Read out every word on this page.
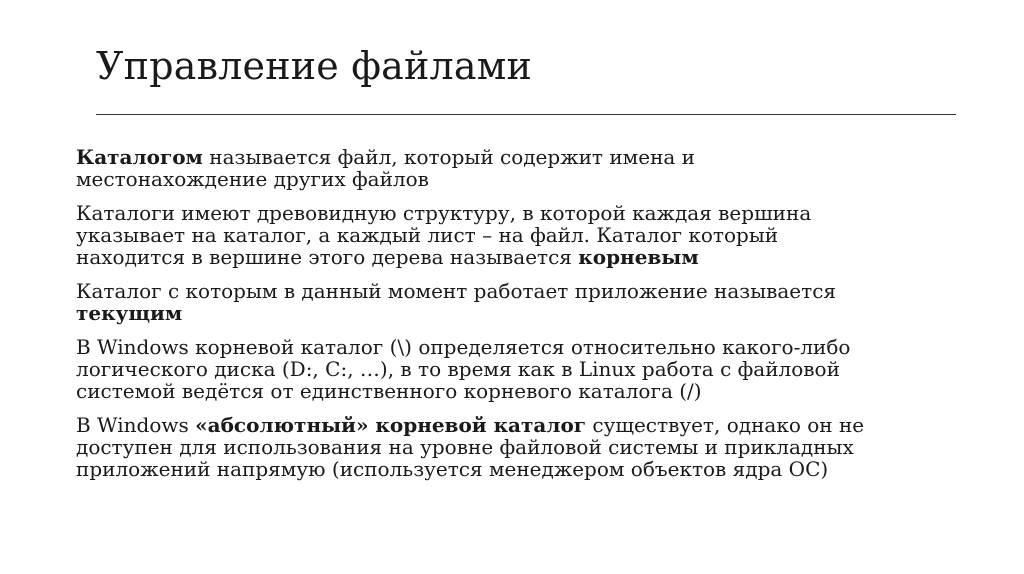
Управление файлами

Каталогом называется файл, который содержит имена и
местонахождение других файлов

Каталоги имеют древовидную структуру, в которой каждая вершина
указывает на каталог, а каждый лист – на файл. Каталог который
находится в вершине этого дерева называется корневым

Каталог с которым в данный момент работает приложение называется
текущим

В Windows корневой каталог (\) определяется относительно какого-либо
логического диска (D:, C:, …), в то время как в Linux работа с файловой
системой ведётся от единственного корневого каталога (/)

В Windows «абсолютный» корневой каталог существует, однако он не
доступен для использования на уровне файловой системы и прикладных
приложений напрямую (используется менеджером объектов ядра ОС)
